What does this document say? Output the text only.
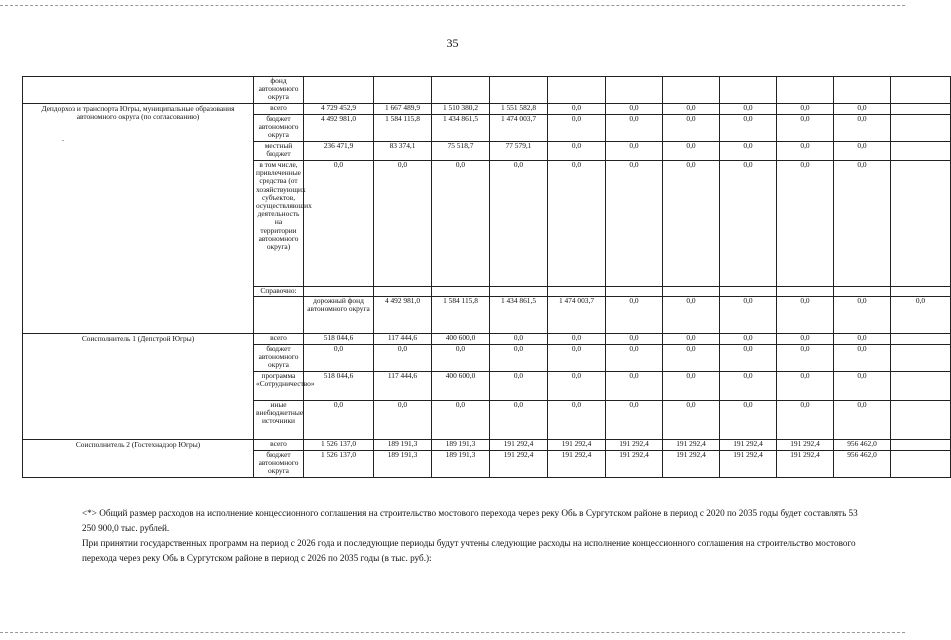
35
	фонд автономного округа												

Депдорхоз и транспорта Югры, муниципальные образования автономного округа (по согласованию)
.	всего	4 729 452,9	1 667 489,9	1 510 380,2	1 551 582,8	0,0	0,0	0,0	0,0	0,0	0,0		
	бюджет автономного округа	4 492 981,0	1 584 115,8	1 434 861,5	1 474 003,7	0,0	0,0	0,0	0,0	0,0	0,0		
	местный бюджет	236 471,9	83 374,1	75 518,7	77 579,1	0,0	0,0	0,0	0,0	0,0	0,0		
	в том числе, привлеченные средства (от хозяйствующих субъектов, осуществляющих деятельность на территории автономного округа)	0,0	0,0	0,0	0,0	0,0	0,0	0,0	0,0	0,0	0,0		
	Справочно:												
		дорожный фонд автономного округа	4 492 981,0	1 584 115,8	1 434 861,5	1 474 003,7	0,0	0,0	0,0	0,0	0,0	0,0	
Соисполнитель 1 (Депстрой Югры)	всего	518 044,6	117 444,6	400 600,0	0,0	0,0	0,0	0,0	0,0	0,0	0,0		
	бюджет автономного округа	0,0	0,0	0,0	0,0	0,0	0,0	0,0	0,0	0,0	0,0		
	программа «Сотрудничество»	518 044,6	117 444,6	400 600,0	0,0	0,0	0,0	0,0	0,0	0,0	0,0		
	иные внебюджетные источники	0,0	0,0	0,0	0,0	0,0	0,0	0,0	0,0	0,0	0,0		

Соисполнитель 2 (Гостехнадзор Югры)	всего	1 526 137,0	189 191,3	189 191,3	191 292,4	191 292,4	191 292,4	191 292,4	191 292,4	191 292,4	956 462,0		
	бюджет автономного округа	1 526 137,0	189 191,3	189 191,3	191 292,4	191 292,4	191 292,4	191 292,4	191 292,4	191 292,4	956 462,0		

<*> Общий размер расходов на исполнение концессионного соглашения на строительство мостового перехода через реку Обь в Сургутском районе в период с 2020 по 2035 годы будет составлять 53 250 900,0 тыс. рублей.

При принятии государственных программ на период с 2026 года и последующие периоды будут учтены следующие расходы на исполнение концессионного соглашения на строительство мостового перехода через реку Обь в Сургутском районе в период с 2026 по 2035 годы (в тыс. руб.):
